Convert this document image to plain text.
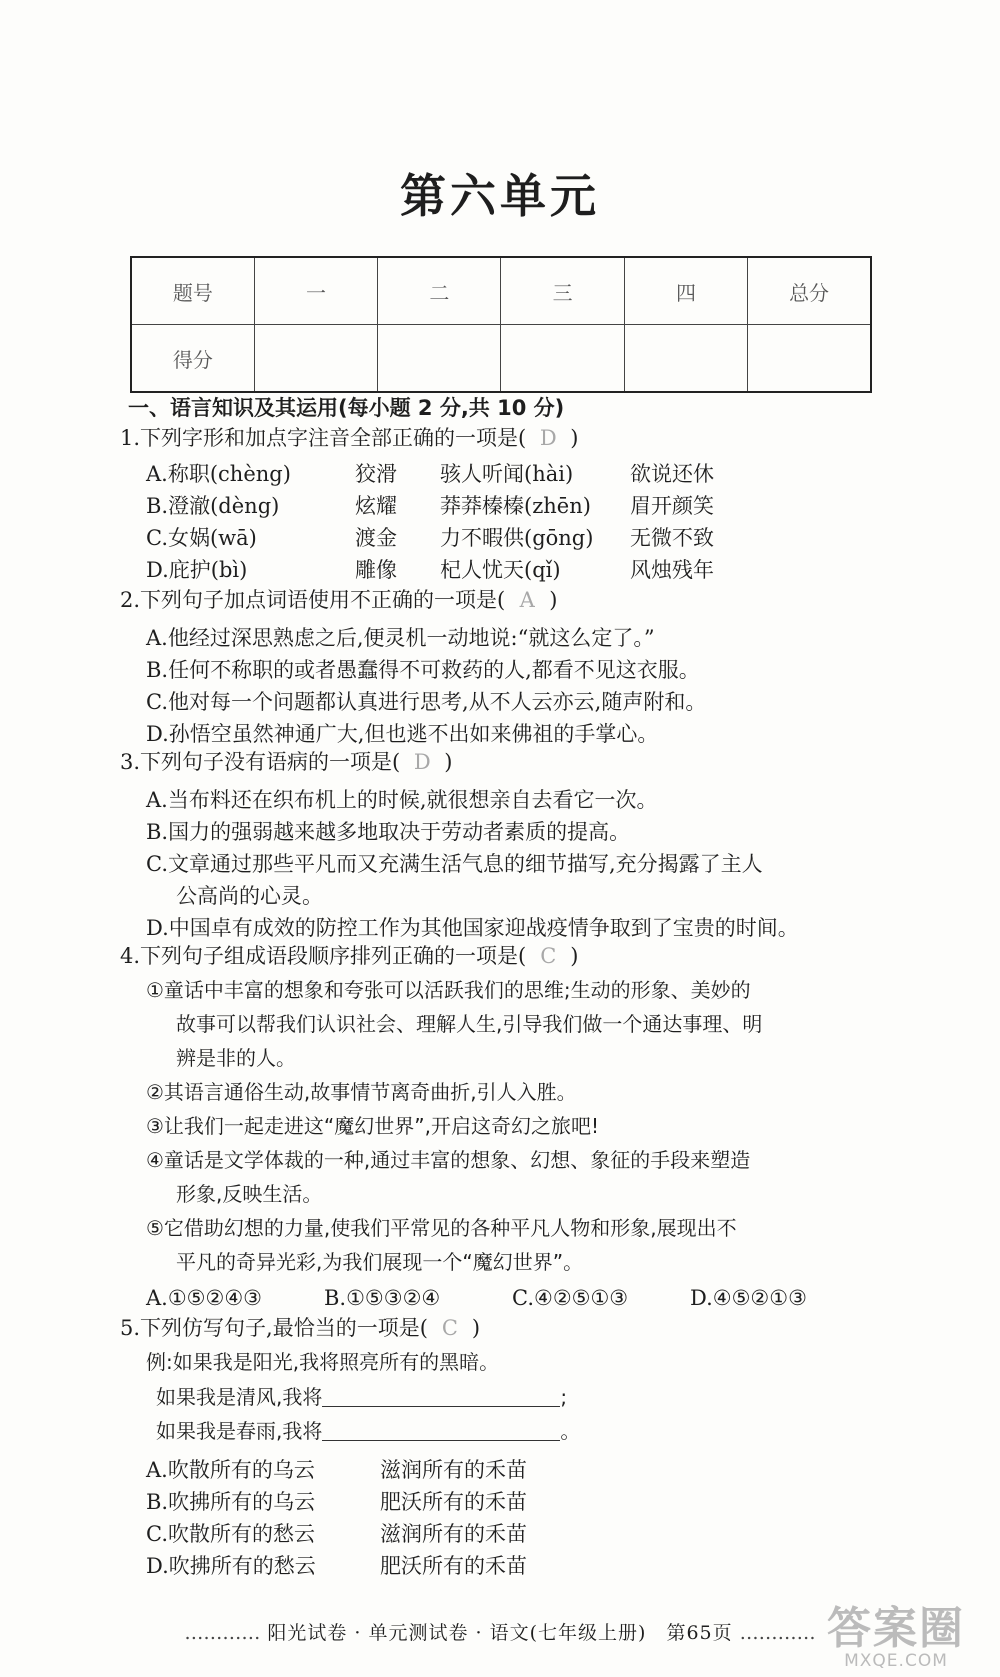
第六单元
题号	一	二	三	四	总分
得分					
一、语言知识及其运用(每小题 2 分,共 10 分)
1.下列字形和加点字注音全部正确的一项是( D )
A.称职(chèng)	狡滑 骇人听闻(hài)	欲说还休
B.澄澈(dèng)	炫耀 莽莽榛榛(zhēn) 眉开颜笑
C.女娲(wā)	渡金 力不暇供(gōng) 无微不致
D.庇护(bì)	雕像 杞人忧天(qǐ)	风烛残年
2.下列句子加点词语使用不正确的一项是( A )
A.他经过深思熟虑之后,便灵机一动地说:“就这么定了。”
B.任何不称职的或者愚蠢得不可救药的人,都看不见这衣服。
C.他对每一个问题都认真进行思考,从不人云亦云,随声附和。
D.孙悟空虽然神通广大,但也逃不出如来佛祖的手掌心。
3.下列句子没有语病的一项是( D )
A.当布料还在织布机上的时候,就很想亲自去看它一次。
B.国力的强弱越来越多地取决于劳动者素质的提高。
C.文章通过那些平凡而又充满生活气息的细节描写,充分揭露了主人
公高尚的心灵。
D.中国卓有成效的防控工作为其他国家迎战疫情争取到了宝贵的时间。
4.下列句子组成语段顺序排列正确的一项是( C )
①童话中丰富的想象和夸张可以活跃我们的思维;生动的形象、美妙的
故事可以帮我们认识社会、理解人生,引导我们做一个通达事理、明
辨是非的人。
②其语言通俗生动,故事情节离奇曲折,引人入胜。
③让我们一起走进这“魔幻世界”,开启这奇幻之旅吧!
④童话是文学体裁的一种,通过丰富的想象、幻想、象征的手段来塑造
形象,反映生活。
⑤它借助幻想的力量,使我们平常见的各种平凡人物和形象,展现出不
平凡的奇异光彩,为我们展现一个“魔幻世界”。
A.①⑤②④③	B.①⑤③②④	C.④②⑤①③	D.④⑤②①③
5.下列仿写句子,最恰当的一项是( C )
例:如果我是阳光,我将照亮所有的黑暗。
如果我是清风,我将	;
如果我是春雨,我将	。
A.吹散所有的乌云	滋润所有的禾苗
B.吹拂所有的乌云	肥沃所有的禾苗
C.吹散所有的愁云	滋润所有的禾苗
D.吹拂所有的愁云	肥沃所有的禾苗
………… 阳光试卷 · 单元测试卷 · 语文(七年级上册)　第65页 ………… 答案圈
MXQE.COM
